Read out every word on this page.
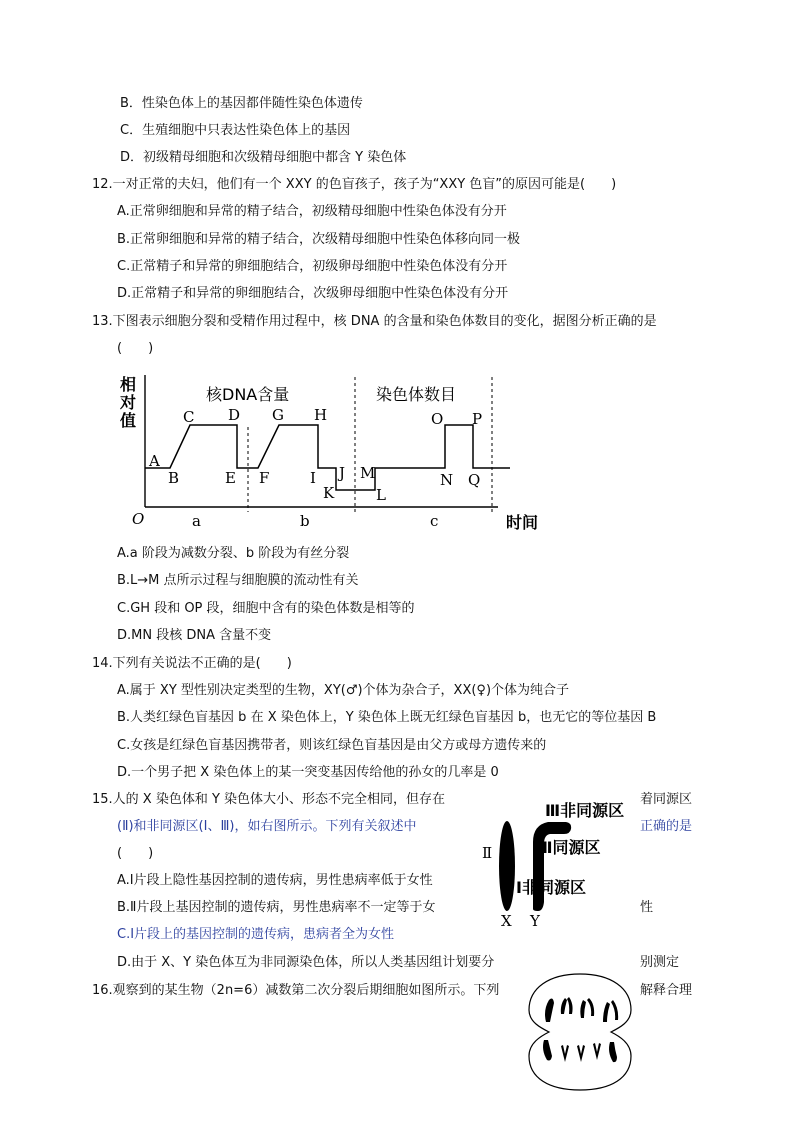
B．性染色体上的基因都伴随性染色体遗传
C．生殖细胞中只表达性染色体上的基因
D．初级精母细胞和次级精母细胞中都含 Y 染色体
12.一对正常的夫妇，他们有一个 XXY 的色盲孩子，孩子为“XXY 色盲”的原因可能是(　　)
A.正常卵细胞和异常的精子结合，初级精母细胞中性染色体没有分开
B.正常卵细胞和异常的精子结合，次级精母细胞中性染色体移向同一极
C.正常精子和异常的卵细胞结合，初级卵母细胞中性染色体没有分开
D.正常精子和异常的卵细胞结合，次级卵母细胞中性染色体没有分开
13.下图表示细胞分裂和受精作用过程中，核 DNA 的含量和染色体数目的变化，据图分析正确的是
(　　)
相
对
值
O	时间
核DNA含量	染色体数目
A
B
C D
E F
G H
I J
K	L
M	N
O P
Q
a	b	c
A.a 阶段为减数分裂、b 阶段为有丝分裂
B.L→M 点所示过程与细胞膜的流动性有关
C.GH 段和 OP 段，细胞中含有的染色体数是相等的
D.MN 段核 DNA 含量不变
14.下列有关说法不正确的是(　　)
A.属于 XY 型性别决定类型的生物，XY(♂)个体为杂合子，XX(♀)个体为纯合子
B.人类红绿色盲基因 b 在 X 染色体上，Y 染色体上既无红绿色盲基因 b，也无它的等位基因 B
C.女孩是红绿色盲基因携带者，则该红绿色盲基因是由父方或母方遗传来的
D.一个男子把 X 染色体上的某一突变基因传给他的孙女的几率是 0
15.人的 X 染色体和 Y 染色体大小、形态不完全相同，但存在	着同源区
(Ⅱ)和非同源区(Ⅰ、Ⅲ)，如右图所示。下列有关叙述中	正确的是
(　　)
A.Ⅰ片段上隐性基因控制的遗传病，男性患病率低于女性
B.Ⅱ片段上基因控制的遗传病，男性患病率不一定等于女	性
C.Ⅰ片段上的基因控制的遗传病，患病者全为女性
D.由于 X、Y 染色体互为非同源染色体，所以人类基因组计划要分	别测定
Ⅲ非同源区
Ⅱ同源区
Ⅰ非同源区
Ⅱ
X Y
16.观察到的某生物（2n=6）减数第二次分裂后期细胞如图所示。下列	解释合理
